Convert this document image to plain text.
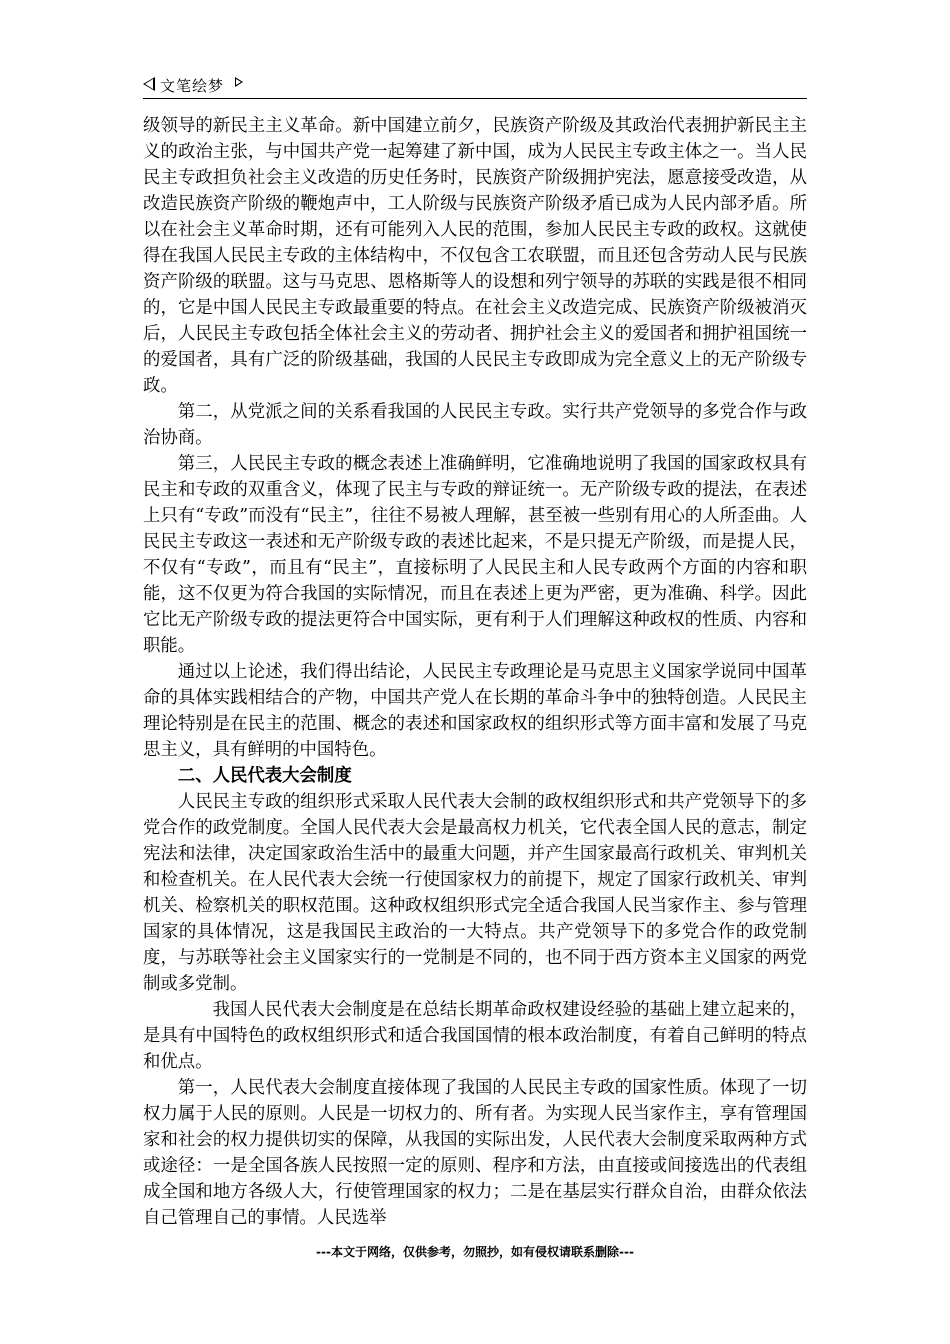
文笔绘梦

级领导的新民主主义革命。新中国建立前夕，民族资产阶级及其政治代表拥护新民主主义的政治主张，与中国共产党一起筹建了新中国，成为人民民主专政主体之一。当人民民主专政担负社会主义改造的历史任务时，民族资产阶级拥护宪法，愿意接受改造，从改造民族资产阶级的鞭炮声中，工人阶级与民族资产阶级矛盾已成为人民内部矛盾。所以在社会主义革命时期，还有可能列入人民的范围，参加人民民主专政的政权。这就使得在我国人民民主专政的主体结构中，不仅包含工农联盟，而且还包含劳动人民与民族资产阶级的联盟。这与马克思、恩格斯等人的设想和列宁领导的苏联的实践是很不相同的，它是中国人民民主专政最重要的特点。在社会主义改造完成、民族资产阶级被消灭后，人民民主专政包括全体社会主义的劳动者、拥护社会主义的爱国者和拥护祖国统一的爱国者，具有广泛的阶级基础，我国的人民民主专政即成为完全意义上的无产阶级专政。

第二，从党派之间的关系看我国的人民民主专政。实行共产党领导的多党合作与政治协商。

第三，人民民主专政的概念表述上准确鲜明，它准确地说明了我国的国家政权具有民主和专政的双重含义，体现了民主与专政的辩证统一。无产阶级专政的提法，在表述上只有“专政”而没有“民主”，往往不易被人理解，甚至被一些别有用心的人所歪曲。人民民主专政这一表述和无产阶级专政的表述比起来，不是只提无产阶级，而是提人民，不仅有“专政”，而且有“民主”，直接标明了人民民主和人民专政两个方面的内容和职能，这不仅更为符合我国的实际情况，而且在表述上更为严密，更为准确、科学。因此它比无产阶级专政的提法更符合中国实际，更有利于人们理解这种政权的性质、内容和职能。

通过以上论述，我们得出结论，人民民主专政理论是马克思主义国家学说同中国革命的具体实践相结合的产物，中国共产党人在长期的革命斗争中的独特创造。人民民主理论特别是在民主的范围、概念的表述和国家政权的组织形式等方面丰富和发展了马克思主义，具有鲜明的中国特色。

二、人民代表大会制度

人民民主专政的组织形式采取人民代表大会制的政权组织形式和共产党领导下的多党合作的政党制度。全国人民代表大会是最高权力机关，它代表全国人民的意志，制定宪法和法律，决定国家政治生活中的最重大问题，并产生国家最高行政机关、审判机关和检查机关。在人民代表大会统一行使国家权力的前提下，规定了国家行政机关、审判机关、检察机关的职权范围。这种政权组织形式完全适合我国人民当家作主、参与管理国家的具体情况，这是我国民主政治的一大特点。共产党领导下的多党合作的政党制度，与苏联等社会主义国家实行的一党制是不同的，也不同于西方资本主义国家的两党制或多党制。

我国人民代表大会制度是在总结长期革命政权建设经验的基础上建立起来的，是具有中国特色的政权组织形式和适合我国国情的根本政治制度，有着自己鲜明的特点和优点。

第一，人民代表大会制度直接体现了我国的人民民主专政的国家性质。体现了一切权力属于人民的原则。人民是一切权力的、所有者。为实现人民当家作主，享有管理国家和社会的权力提供切实的保障，从我国的实际出发，人民代表大会制度采取两种方式或途径：一是全国各族人民按照一定的原则、程序和方法，由直接或间接选出的代表组成全国和地方各级人大，行使管理国家的权力；二是在基层实行群众自治，由群众依法自己管理自己的事情。人民选举

---本文于网络，仅供参考，勿照抄，如有侵权请联系删除---
